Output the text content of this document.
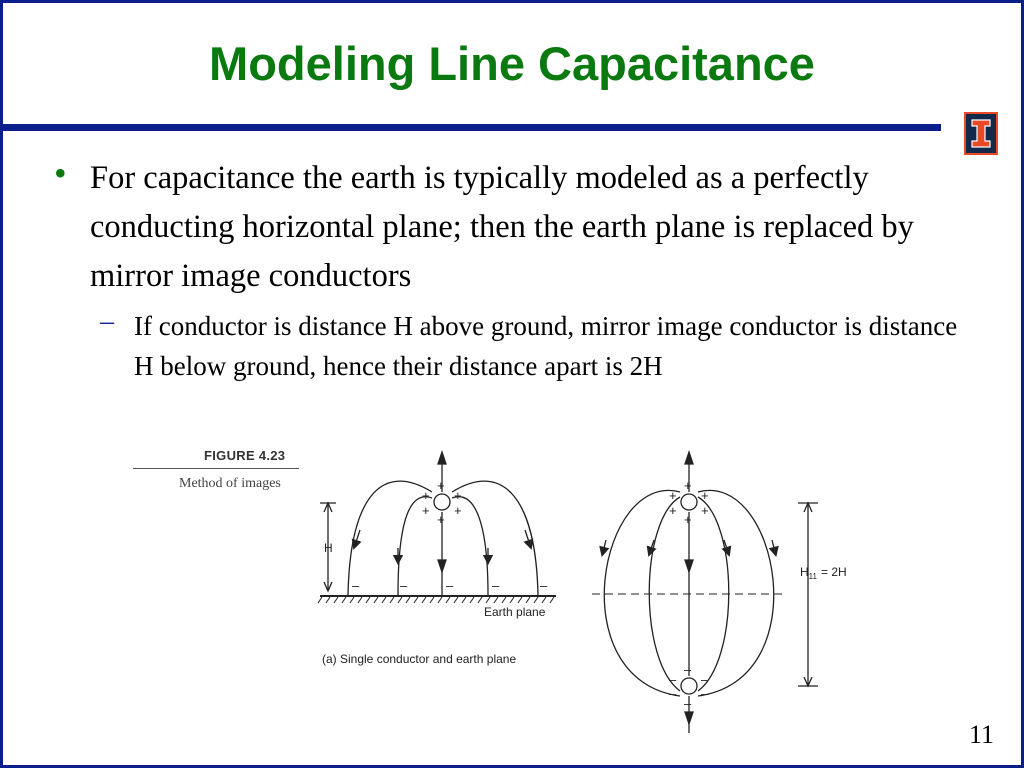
Modeling Line Capacitance
• For capacitance the earth is typically modeled as a perfectly conducting horizontal plane; then the earth plane is replaced by mirror image conductors
– If conductor is distance H above ground, mirror image conductor is distance H below ground, hence their distance apart is 2H
FIGURE 4.23
Method of images	+
+ +
+ +
+
–	–	–	–	–
H
Earth plane
(a) Single conductor and earth plane
+
+ +
+ +
+
–
– –
– –
–
$H_{11} = 2H$
11
